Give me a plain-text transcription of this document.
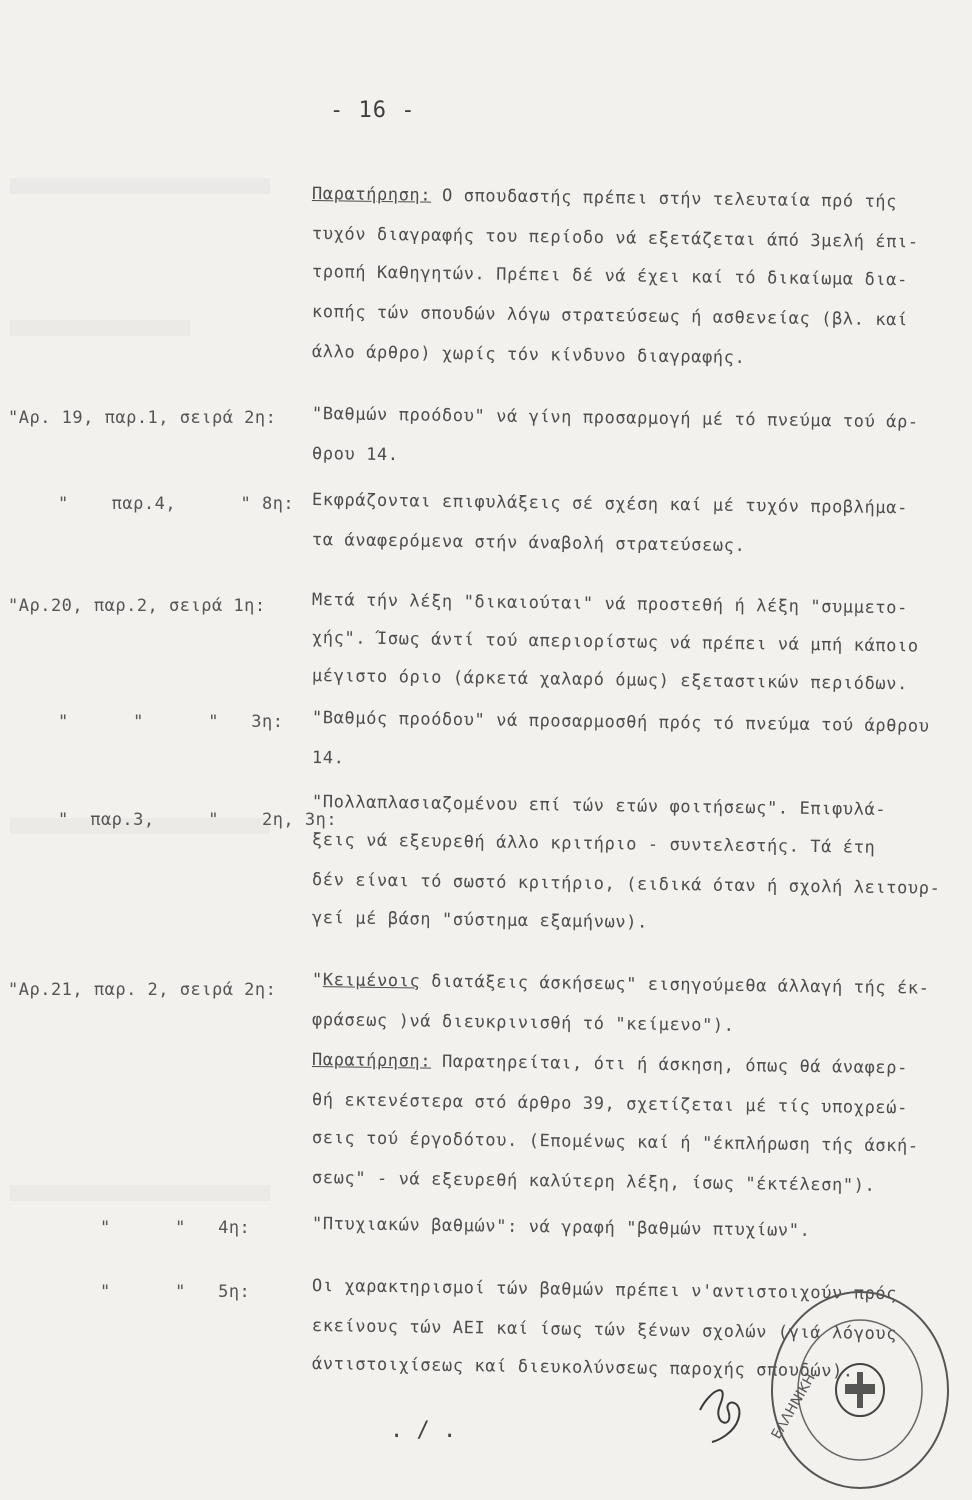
- 16 -
"Αρ. 19, παρ.1, σειρά 2η:
"    παρ.4,      " 8η:
"Αρ.20, παρ.2, σειρά 1η:
"      "      "   3η:
"  παρ.3,     "    2η, 3η:
"Αρ.21, παρ. 2, σειρά 2η:
"      "   4η:
"      "   5η:
Παρατήρηση: Ο σπουδαστής πρέπει στήν τελευταία πρό τής
τυχόν διαγραφής του περίοδο νά εξετάζεται άπό 3μελή έπι-
τροπή Καθηγητών. Πρέπει δέ νά έχει καί τό δικαίωμα δια-
κοπής τών σπουδών λόγω στρατεύσεως ή ασθενείας (βλ. καί
άλλο άρθρο) χωρίς τόν κίνδυνο διαγραφής.
"Βαθμών προόδου" νά γίνη προσαρμογή μέ τό πνεύμα τού άρ-
θρου 14.
Εκφράζονται επιφυλάξεις σέ σχέση καί μέ τυχόν προβλήμα-
τα άναφερόμενα στήν άναβολή στρατεύσεως.
Μετά τήν λέξη "δικαιούται" νά προστεθή ή λέξη "συμμετο-
χής". Ίσως άντί τού απεριορίστως νά πρέπει νά μπή κάποιο
μέγιστο όριο (άρκετά χαλαρό όμως) εξεταστικών περιόδων.
"Βαθμός προόδου" νά προσαρμοσθή πρός τό πνεύμα τού άρθρου
14.
"Πολλαπλασιαζομένου επί τών ετών φοιτήσεως". Επιφυλά-
ξεις νά εξευρεθή άλλο κριτήριο - συντελεστής. Τά έτη
δέν είναι τό σωστό κριτήριο, (ειδικά όταν ή σχολή λειτουρ-
γεί μέ βάση "σύστημα εξαμήνων).
"Κειμένοις διατάξεις άσκήσεως" εισηγούμεθα άλλαγή τής έκ-
φράσεως )νά διευκρινισθή τό "κείμενο").
Παρατήρηση: Παρατηρείται, ότι ή άσκηση, όπως θά άναφερ-
θή εκτενέστερα στό άρθρο 39, σχετίζεται μέ τίς υποχρεώ-
σεις τού έργοδότου. (Επομένως καί ή "έκπλήρωση τής άσκή-
σεως" - νά εξευρεθή καλύτερη λέξη, ίσως "έκτέλεση").
"Πτυχιακών βαθμών": νά γραφή "βαθμών πτυχίων".
Οι χαρακτηρισμοί τών βαθμών πρέπει ν'αντιστοιχούν πρός
εκείνους τών ΑΕΙ καί ίσως τών ξένων σχολών (γιά λόγους
άντιστοιχίσεως καί διευκολύνσεως παροχής σπουδών).
ΕΛΛΗΝΙΚΗ
. / .
